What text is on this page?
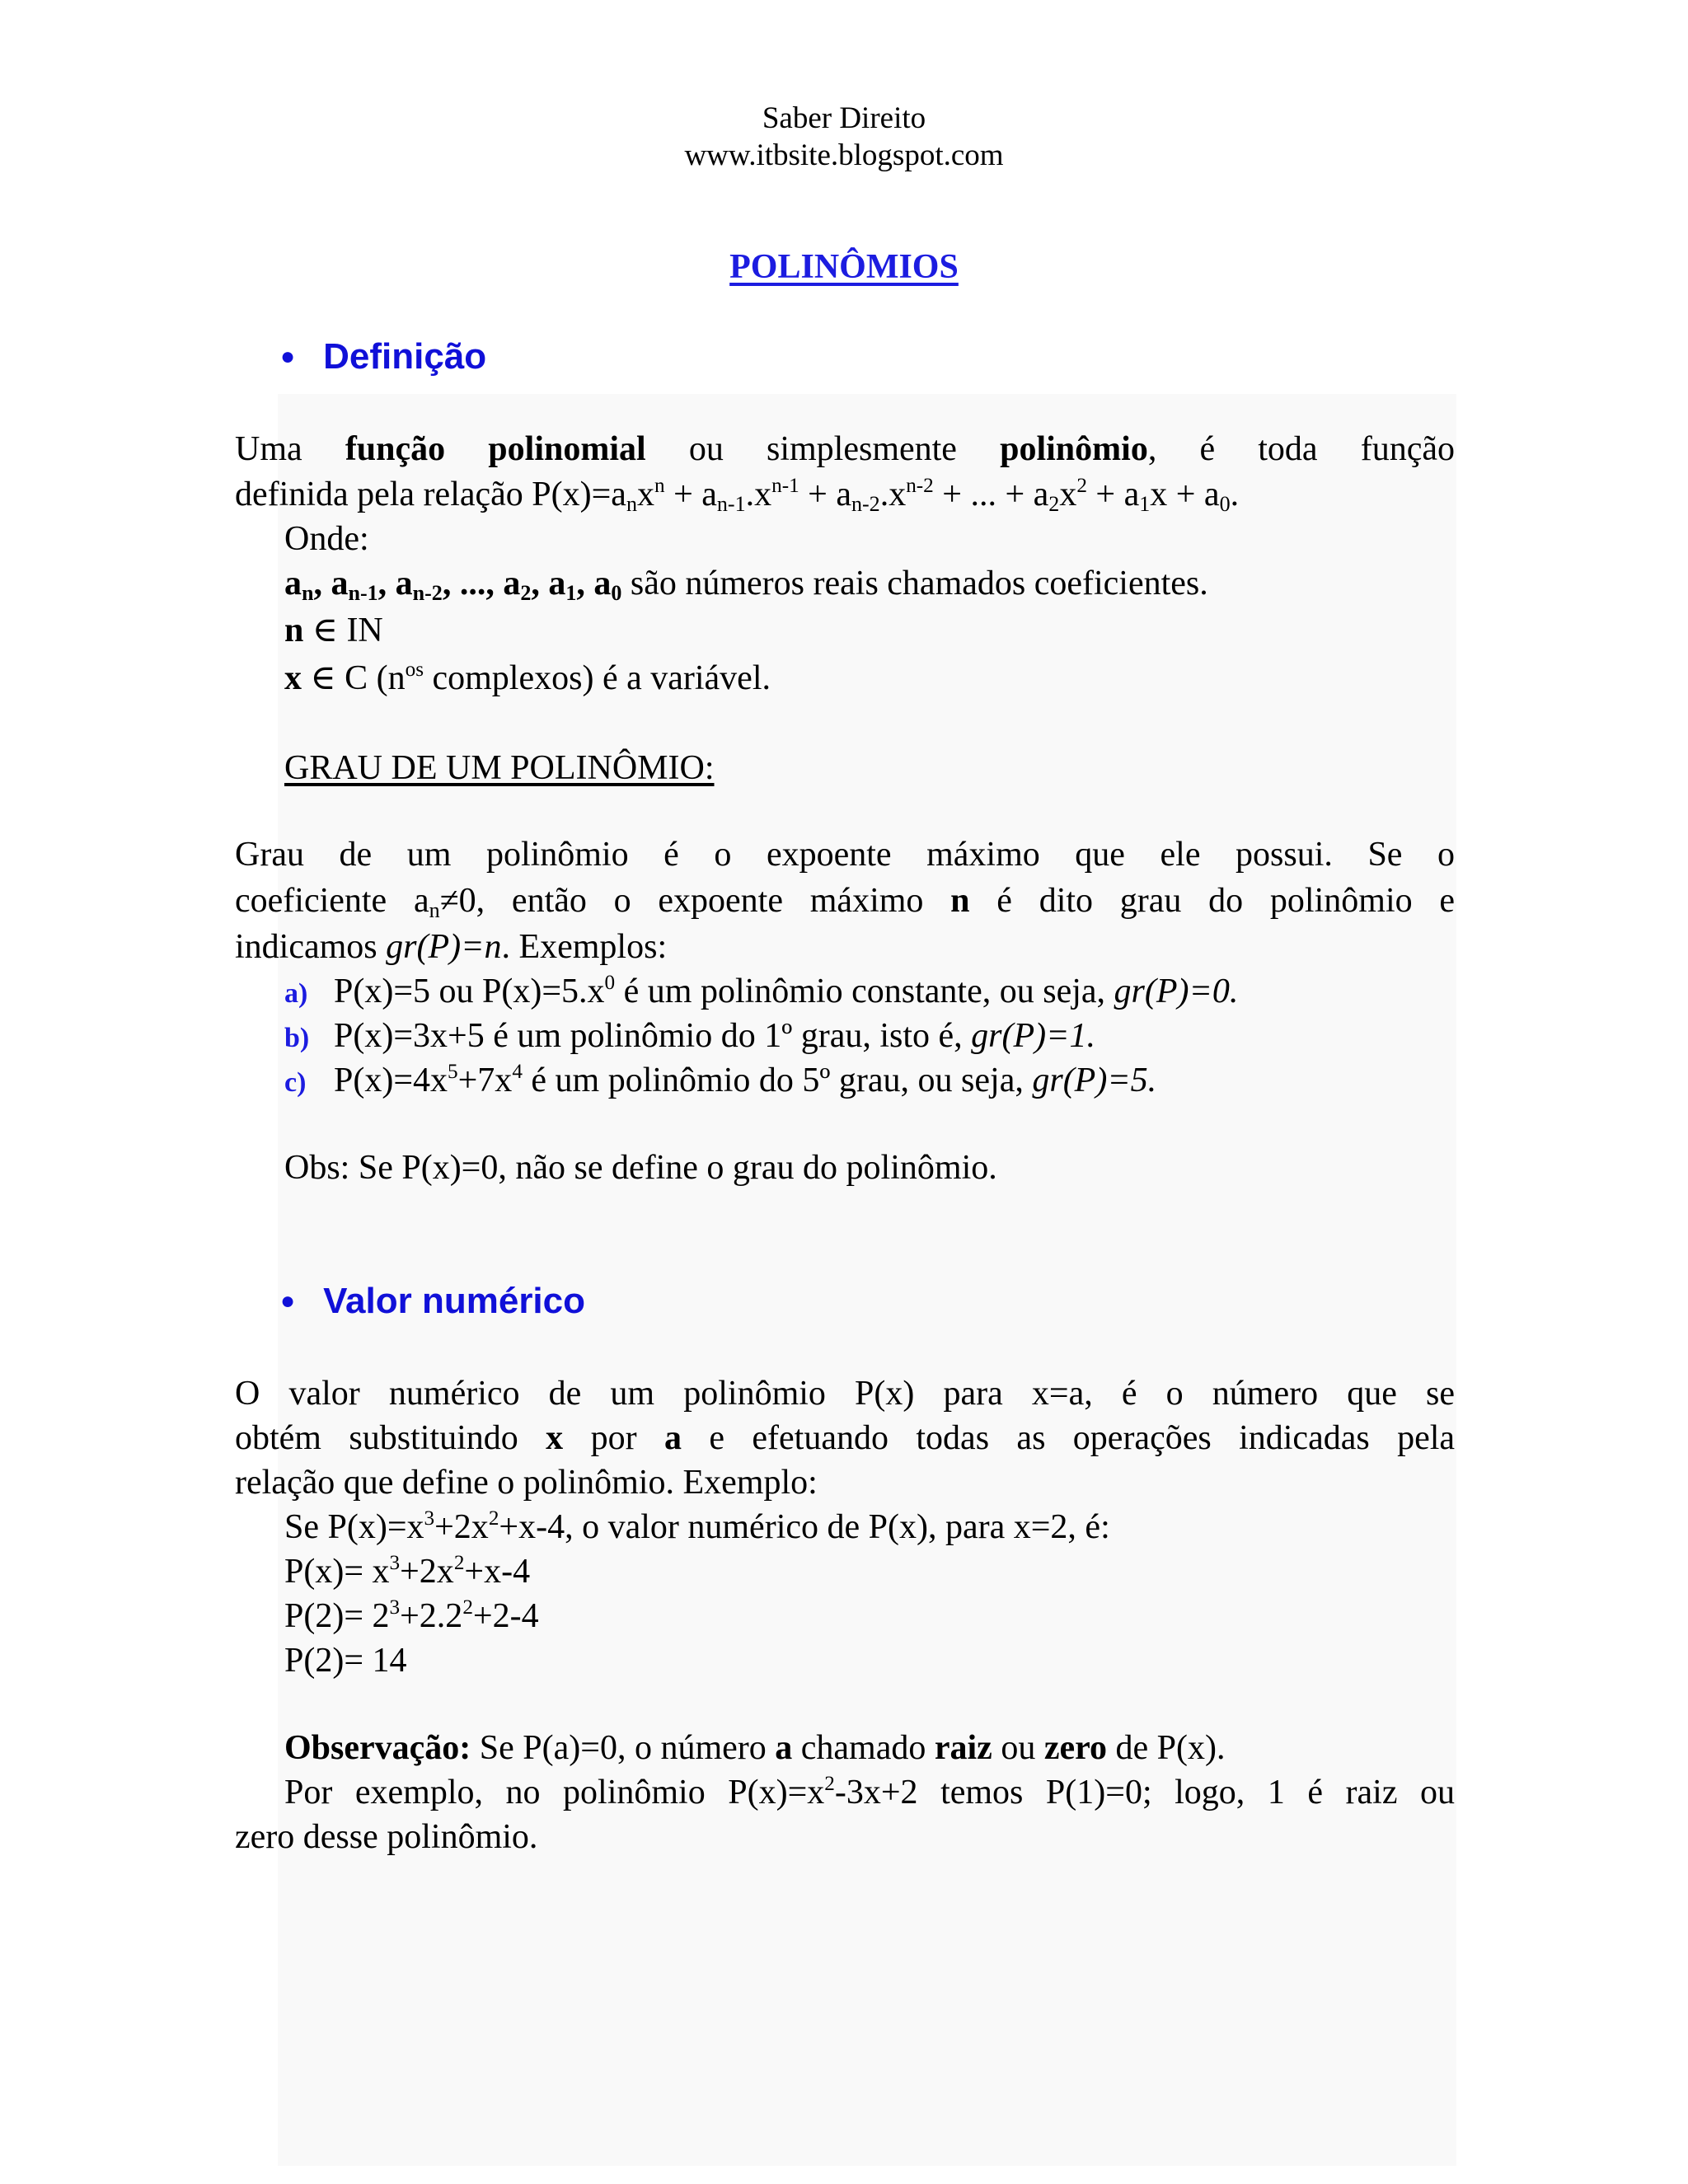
Saber Direito
www.itbsite.blogspot.com
POLINÔMIOS
● Definição
Uma função polinomial ou simplesmente polinômio, é toda função
definida pela relação $P(x)=a_nx^n + a_{n-1}.x^{n-1} + a_{n-2}.x^{n-2}$ + ... + $a_2x^2 + a_1x + a_0$.
Onde:
$a_n$, $a_{n-1}$, $a_{n-2}$, ..., $a_2$, $a_1$, $a_0$ são números reais chamados coeficientes.
n ∈ IN
x ∈ C ($n^{os}$ complexos) é a variável.
GRAU DE UM POLINÔMIO:
Grau de um polinômio é o expoente máximo que ele possui. Se o
coeficiente $a_n\ne 0$, então o expoente máximo n é dito grau do polinômio e
indicamos gr(P)=n. Exemplos:
a) P(x)=5 ou $P(x)=5.x^0$ é um polinômio constante, ou seja, gr(P)=0.
b) P(x)=3x+5 é um polinômio do 1º grau, isto é, gr(P)=1.
c) $P(x)=4x^5+7x^4$ é um polinômio do 5º grau, ou seja, gr(P)=5.
Obs: Se P(x)=0, não se define o grau do polinômio.
● Valor numérico
O valor numérico de um polinômio P(x) para x=a, é o número que se
obtém substituindo x por a e efetuando todas as operações indicadas pela
relação que define o polinômio. Exemplo:
Se $P(x)=x^3+2x^2+x-4$, o valor numérico de P(x), para x=2, é:
$P(x)= x^3+2x^2+x-4$
$P(2)= 2^3+2.2^2+2-4$
P(2)= 14
Observação: Se P(a)=0, o número a chamado raiz ou zero de P(x).
Por exemplo, no polinômio $P(x)=x^2-3x+2$ temos P(1)=0; logo, 1 é raiz ou
zero desse polinômio.
